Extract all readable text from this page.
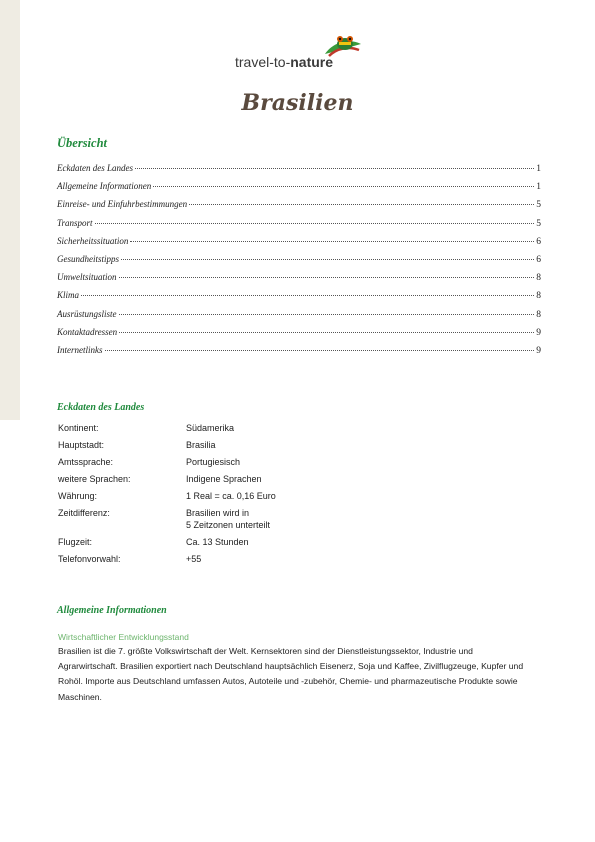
travel-to-nature
Brasilien
Übersicht
Eckdaten des Landes	1
Allgemeine Informationen	1
Einreise- und Einfuhrbestimmungen	5
Transport	5
Sicherheitssituation	6
Gesundheitstipps	6
Umweltsituation	8
Klima	8
Ausrüstungsliste	8
Kontaktadressen	9
Internetlinks	9
Eckdaten des Landes
Kontinent:	Südamerika
Hauptstadt:	Brasilia
Amtssprache:	Portugiesisch
weitere Sprachen:	Indigene Sprachen
Währung:	1 Real = ca. 0,16 Euro
Zeitdifferenz:	Brasilien wird in
5 Zeitzonen unterteilt
Flugzeit:	Ca. 13 Stunden
Telefonvorwahl:	+55
Allgemeine Informationen
Wirtschaftlicher Entwicklungsstand
Brasilien ist die 7. größte Volkswirtschaft der Welt. Kernsektoren sind der Dienstleistungssektor, Industrie und Agrarwirtschaft. Brasilien exportiert nach Deutschland hauptsächlich Eisenerz, Soja und Kaffee, Zivilflugzeuge, Kupfer und Rohöl. Importe aus Deutschland umfassen Autos, Autoteile und -zubehör, Chemie- und pharmazeutische Produkte sowie Maschinen.
